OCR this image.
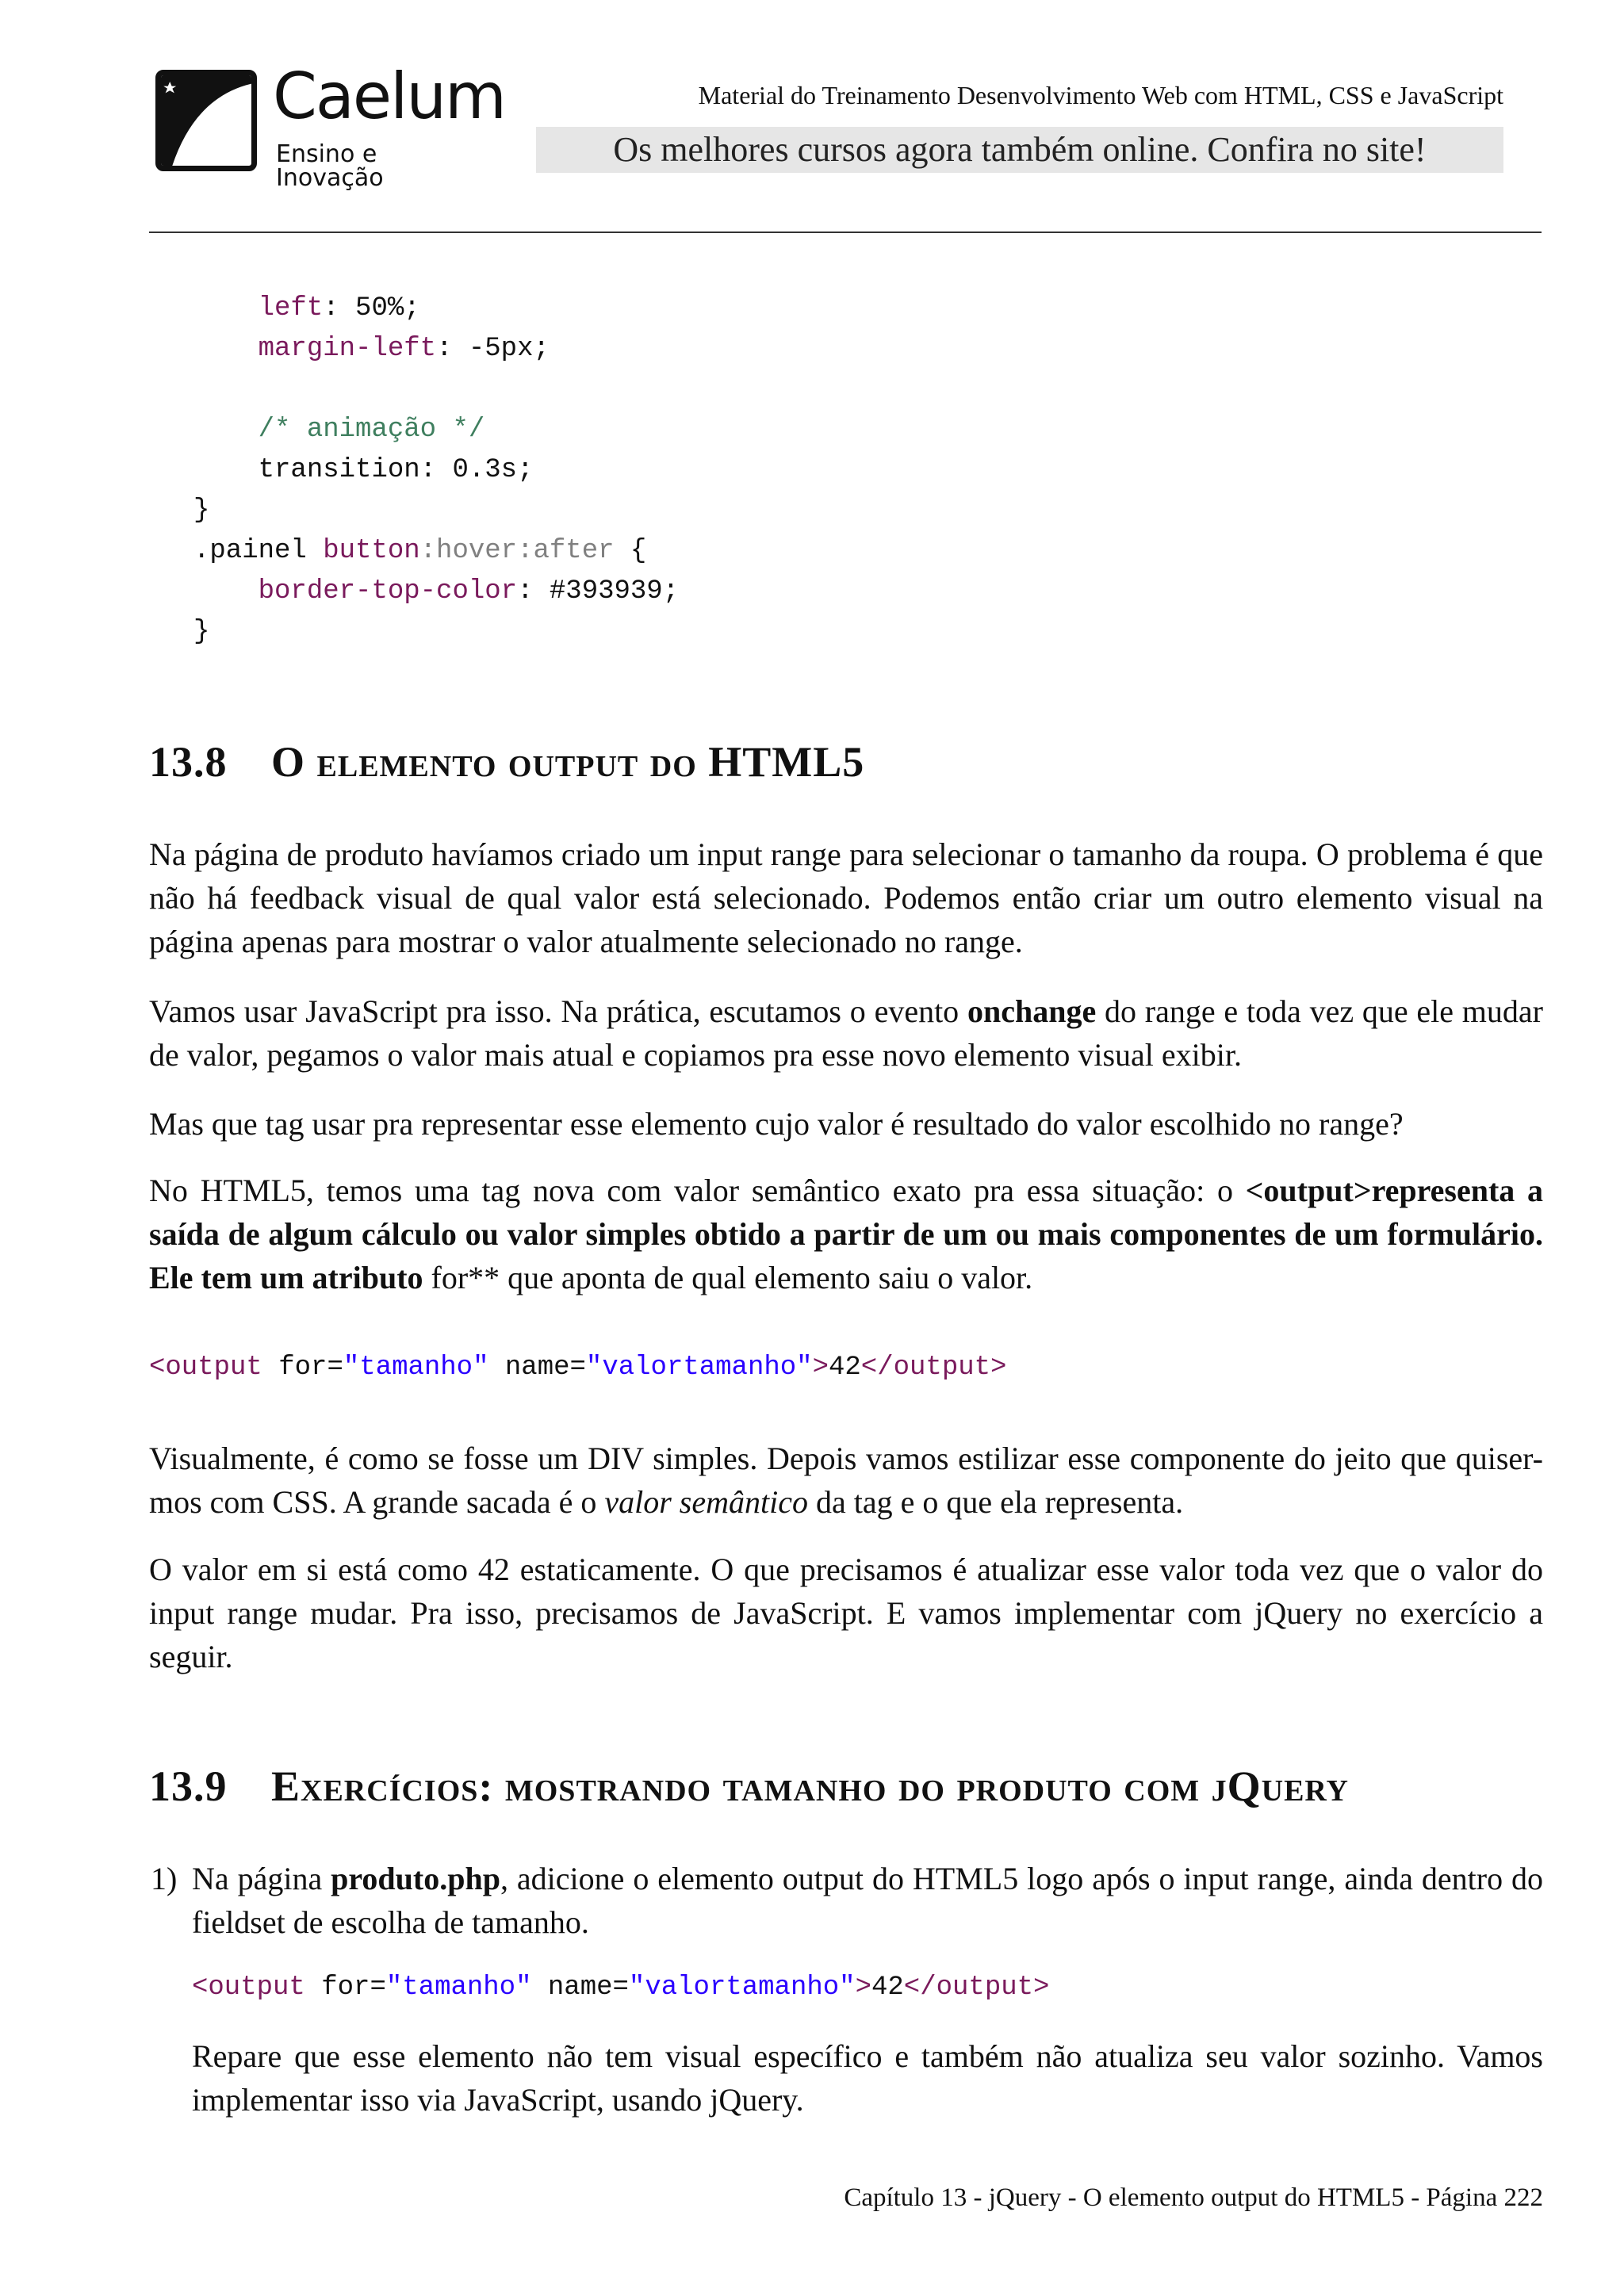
Caelum
Ensino e Inovação
Material do Treinamento Desenvolvimento Web com HTML, CSS e JavaScript
Os melhores cursos agora também online. Confira no site!
left: 50%;
margin-left: -5px;

/* animação */
transition: 0.3s;
}
.painel button:hover:after {
border-top-color: #393939;
}
13.8 O elemento output do HTML5
Na página de produto havíamos criado um input range para selecionar o tamanho da roupa. O problema é que não há feedback visual de qual valor está selecionado. Podemos então criar um outro elemento visual na página apenas para mostrar o valor atualmente selecionado no range.
Vamos usar JavaScript pra isso. Na prática, escutamos o evento onchange do range e toda vez que ele mudar de valor, pegamos o valor mais atual e copiamos pra esse novo elemento visual exibir.
Mas que tag usar pra representar esse elemento cujo valor é resultado do valor escolhido no range?
No HTML5, temos uma tag nova com valor semântico exato pra essa situação: o <output>representa a saída de algum cálculo ou valor simples obtido a partir de um ou mais componentes de um formulário. Ele tem um atributo for** que aponta de qual elemento saiu o valor.
<output for="tamanho" name="valortamanho">42</output>
Visualmente, é como se fosse um DIV simples. Depois vamos estilizar esse componente do jeito que quiser-mos com CSS. A grande sacada é o valor semântico da tag e o que ela representa.
O valor em si está como 42 estaticamente. O que precisamos é atualizar esse valor toda vez que o valor do input range mudar. Pra isso, precisamos de JavaScript. E vamos implementar com jQuery no exercício a seguir.
13.9 Exercícios: mostrando tamanho do produto com jQuery
1) Na página produto.php, adicione o elemento output do HTML5 logo após o input range, ainda dentro do fieldset de escolha de tamanho.
<output for="tamanho" name="valortamanho">42</output>
Repare que esse elemento não tem visual específico e também não atualiza seu valor sozinho. Vamos implementar isso via JavaScript, usando jQuery.
Capítulo 13 - jQuery - O elemento output do HTML5 - Página 222
